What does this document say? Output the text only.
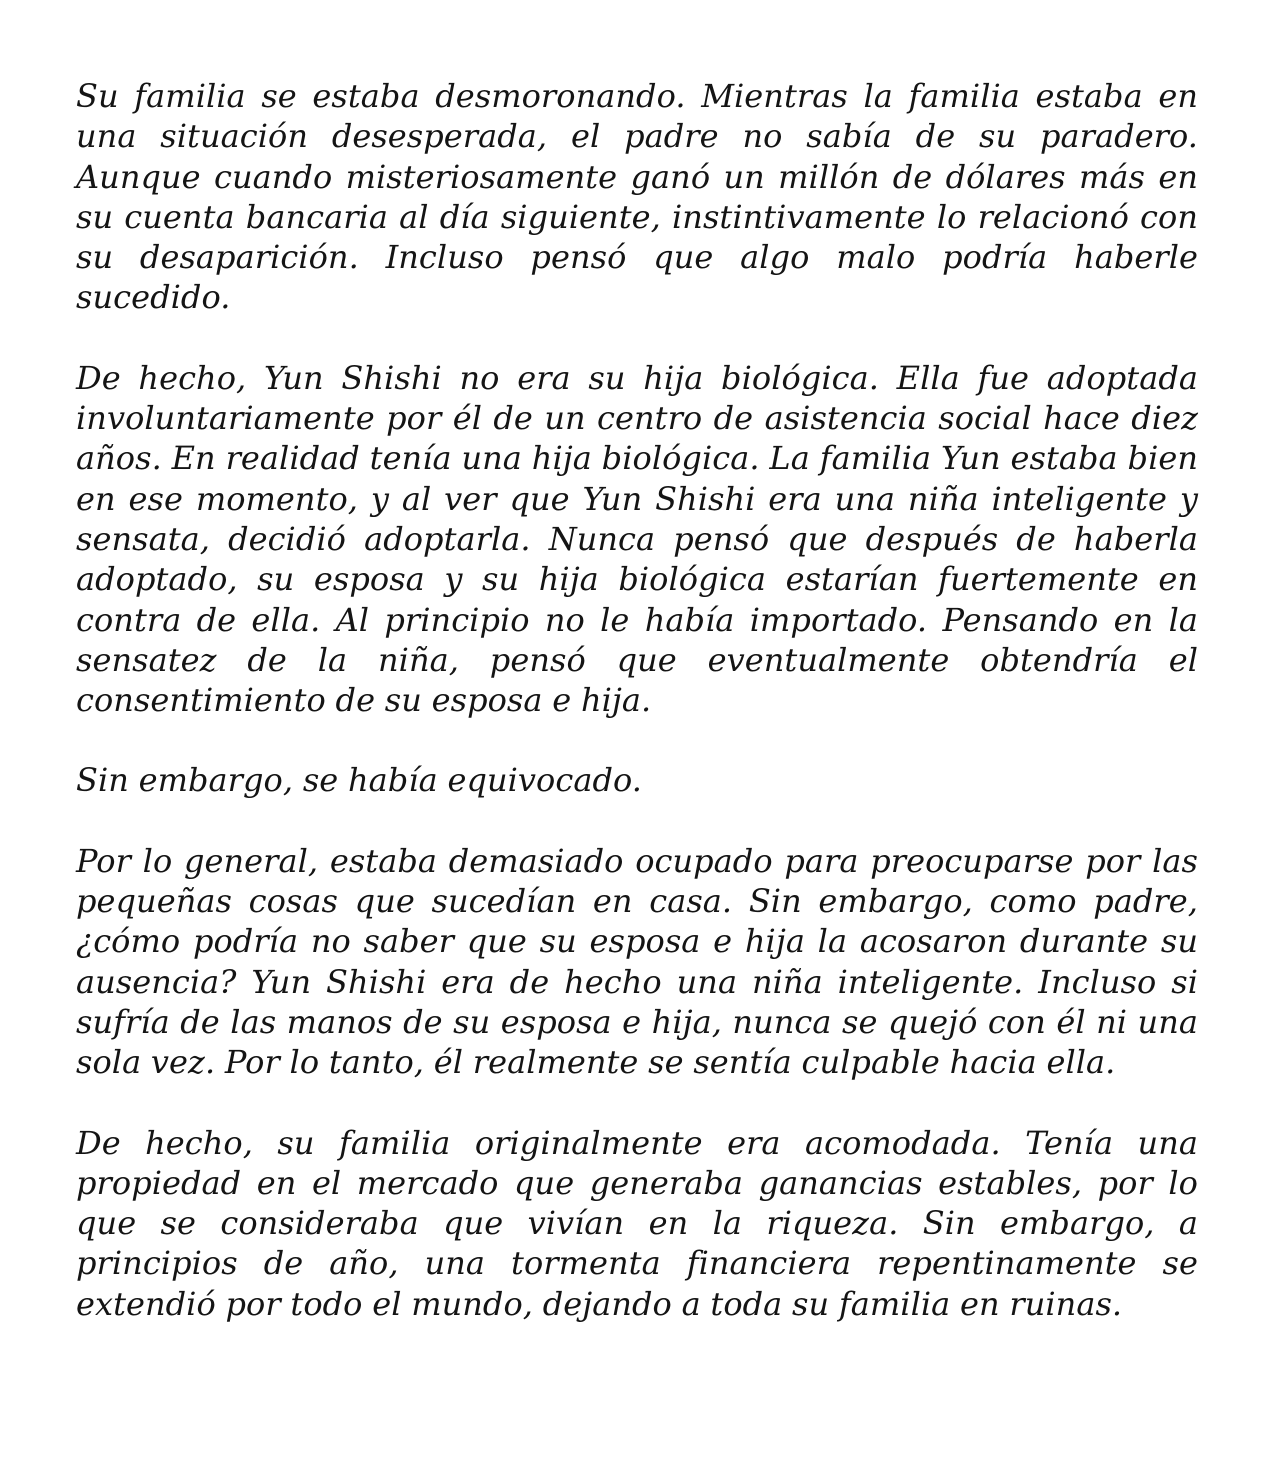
Su familia se estaba desmoronando. Mientras la familia estaba en una situación desesperada, el padre no sabía de su paradero. Aunque cuando misteriosamente ganó un millón de dólares más en su cuenta bancaria al día siguiente, instintivamente lo relacionó con su desaparición. Incluso pensó que algo malo podría haberle sucedido.

De hecho, Yun Shishi no era su hija biológica. Ella fue adoptada involuntariamente por él de un centro de asistencia social hace diez años. En realidad tenía una hija biológica. La familia Yun estaba bien en ese momento, y al ver que Yun Shishi era una niña inteligente y sensata, decidió adoptarla. Nunca pensó que después de haberla adoptado, su esposa y su hija biológica estarían fuertemente en contra de ella. Al principio no le había importado. Pensando en la sensatez de la niña, pensó que eventualmente obtendría el consentimiento de su esposa e hija.

Sin embargo, se había equivocado.

Por lo general, estaba demasiado ocupado para preocuparse por las pequeñas cosas que sucedían en casa. Sin embargo, como padre, ¿cómo podría no saber que su esposa e hija la acosaron durante su ausencia? Yun Shishi era de hecho una niña inteligente. Incluso si sufría de las manos de su esposa e hija, nunca se quejó con él ni una sola vez. Por lo tanto, él realmente se sentía culpable hacia ella.

De hecho, su familia originalmente era acomodada. Tenía una propiedad en el mercado que generaba ganancias estables, por lo que se consideraba que vivían en la riqueza. Sin embargo, a principios de año, una tormenta financiera repentinamente se extendió por todo el mundo, dejando a toda su familia en ruinas.
